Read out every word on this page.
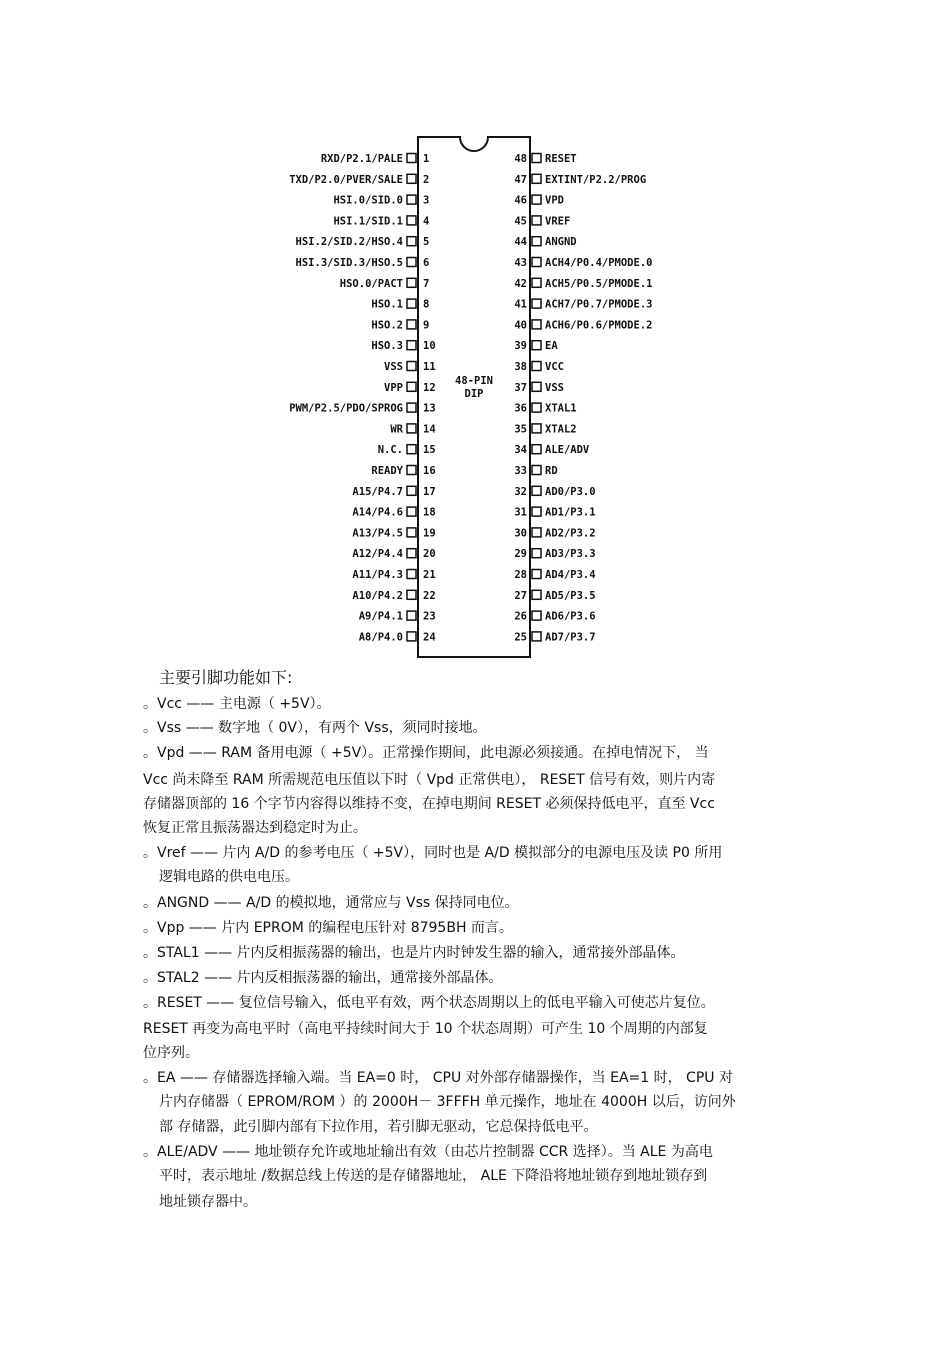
48-PIN
DIP
RXD/P2.1/PALE 1
TXD/P2.0/PVER/SALE 2
HSI.0/SID.0 3
HSI.1/SID.1 4
HSI.2/SID.2/HSO.4 5
HSI.3/SID.3/HSO.5 6
HSO.0/PACT 7
HSO.1 8
HSO.2 9
HSO.3 10
VSS 11
VPP 12
PWM/P2.5/PDO/SPROG 13
WR 14
N.C. 15
READY 16
A15/P4.7 17
A14/P4.6 18
A13/P4.5 19
A12/P4.4 20
A11/P4.3 21
A10/P4.2 22
A9/P4.1 23
A8/P4.0 24
RESET
48
EXTINT/P2.2/PROG
47
VPD
46
VREF
45
ANGND
44
ACH4/P0.4/PMODE.0
43
ACH5/P0.5/PMODE.1
42
ACH7/P0.7/PMODE.3
41
ACH6/P0.6/PMODE.2
40
EA
39
VCC
38
VSS
37
XTAL1
36
XTAL2
35
ALE/ADV
34
RD
33
AD0/P3.0
32
AD1/P3.1
31
AD2/P3.2
30
AD3/P3.3
29
AD4/P3.4
28
AD5/P3.5
27
AD6/P3.6
26
AD7/P3.7
25
主要引脚功能如下:
。Vcc —— 主电源（ +5V）。
。Vss —— 数字地（ 0V），有两个 Vss，须同时接地。
。Vpd —— RAM 备用电源（ +5V）。正常操作期间，此电源必须接通。在掉电情况下， 当
Vcc 尚未降至 RAM 所需规范电压值以下时（ Vpd 正常供电）， RESET 信号有效，则片内寄
存储器顶部的 16 个字节内容得以维持不变，在掉电期间 RESET 必须保持低电平，直至 Vcc
恢复正常且振荡器达到稳定时为止。
。Vref —— 片内 A/D 的参考电压（ +5V），同时也是 A/D 模拟部分的电源电压及读 P0 所用
逻辑电路的供电电压。
。ANGND —— A/D 的模拟地，通常应与 Vss 保持同电位。
。Vpp —— 片内 EPROM 的编程电压针对 8795BH 而言。
。STAL1 —— 片内反相振荡器的输出，也是片内时钟发生器的输入，通常接外部晶体。
。STAL2 —— 片内反相振荡器的输出，通常接外部晶体。
。RESET —— 复位信号输入，低电平有效，两个状态周期以上的低电平输入可使芯片复位。
RESET 再变为高电平时（高电平持续时间大于 10 个状态周期）可产生 10 个周期的内部复
位序列。
。EA —— 存储器选择输入端。当 EA=0 时， CPU 对外部存储器操作，当 EA=1 时， CPU 对
片内存储器（ EPROM/ROM ）的 2000H－ 3FFFH 单元操作，地址在 4000H 以后，访问外
部 存储器，此引脚内部有下拉作用，若引脚无驱动，它总保持低电平。
。ALE/ADV —— 地址锁存允许或地址输出有效（由芯片控制器 CCR 选择）。当 ALE 为高电
平时，表示地址 /数据总线上传送的是存储器地址， ALE 下降沿将地址锁存到地址锁存到
地址锁存器中。
